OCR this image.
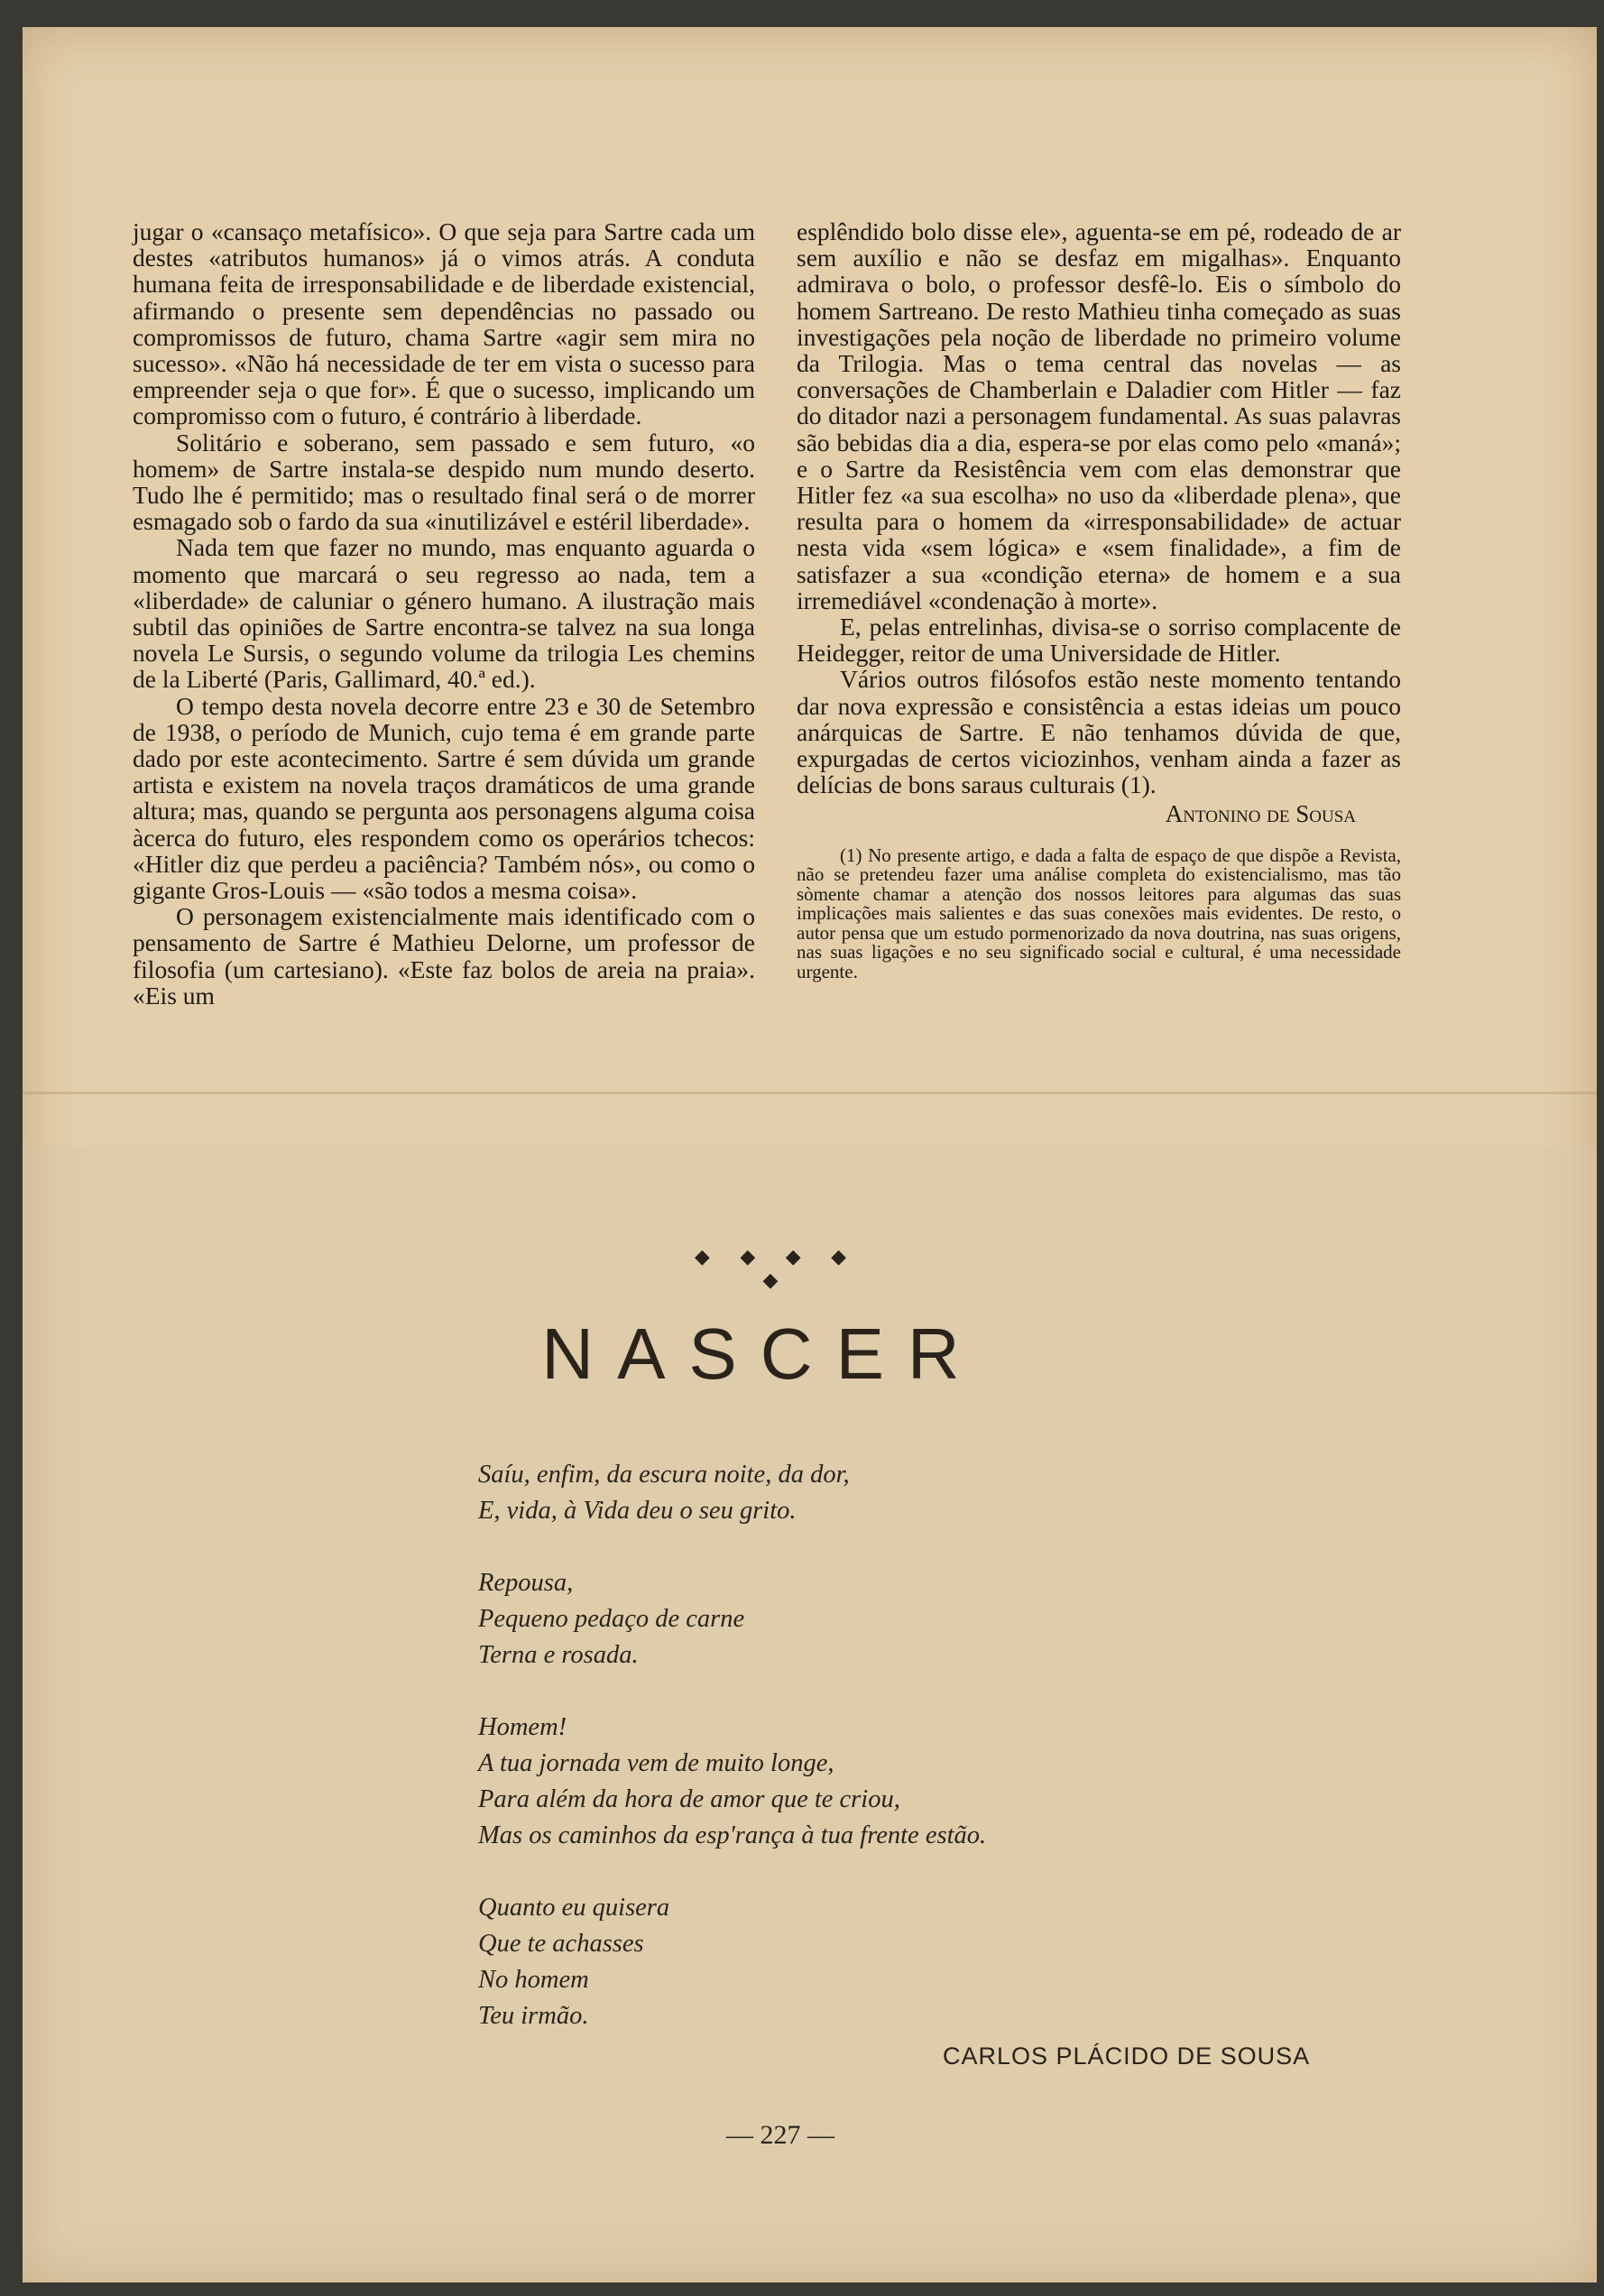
jugar o «cansaço metafísico». O que seja para Sartre cada um destes «atributos humanos» já o vimos atrás. A conduta humana feita de irresponsabilidade e de liberdade existencial, afirmando o presente sem dependências no passado ou compromissos de futuro, chama Sartre «agir sem mira no sucesso». «Não há necessidade de ter em vista o sucesso para empreender seja o que for». É que o sucesso, implicando um compromisso com o futuro, é contrário à liberdade.

Solitário e soberano, sem passado e sem futuro, «o homem» de Sartre instala-se despido num mundo deserto. Tudo lhe é permitido; mas o resultado final será o de morrer esmagado sob o fardo da sua «inutilizável e estéril liberdade».

Nada tem que fazer no mundo, mas enquanto aguarda o momento que marcará o seu regresso ao nada, tem a «liberdade» de caluniar o género humano. A ilustração mais subtil das opiniões de Sartre encontra-se talvez na sua longa novela Le Sursis, o segundo volume da trilogia Les chemins de la Liberté (Paris, Gallimard, 40.ª ed.).

O tempo desta novela decorre entre 23 e 30 de Setembro de 1938, o período de Munich, cujo tema é em grande parte dado por este acontecimento. Sartre é sem dúvida um grande artista e existem na novela traços dramáticos de uma grande altura; mas, quando se pergunta aos personagens alguma coisa àcerca do futuro, eles respondem como os operários tchecos: «Hitler diz que perdeu a paciência? Também nós», ou como o gigante Gros-Louis — «são todos a mesma coisa».

O personagem existencialmente mais identificado com o pensamento de Sartre é Mathieu Delorne, um professor de filosofia (um cartesiano). «Este faz bolos de areia na praia». «Eis um

esplêndido bolo disse ele», aguenta-se em pé, rodeado de ar sem auxílio e não se desfaz em migalhas». Enquanto admirava o bolo, o professor desfê-lo. Eis o símbolo do homem Sartreano. De resto Mathieu tinha começado as suas investigações pela noção de liberdade no primeiro volume da Trilogia. Mas o tema central das novelas — as conversações de Chamberlain e Daladier com Hitler — faz do ditador nazi a personagem fundamental. As suas palavras são bebidas dia a dia, espera-se por elas como pelo «maná»; e o Sartre da Resistência vem com elas demonstrar que Hitler fez «a sua escolha» no uso da «liberdade plena», que resulta para o homem da «irresponsabilidade» de actuar nesta vida «sem lógica» e «sem finalidade», a fim de satisfazer a sua «condição eterna» de homem e a sua irremediável «condenação à morte».

E, pelas entrelinhas, divisa-se o sorriso complacente de Heidegger, reitor de uma Universidade de Hitler.

Vários outros filósofos estão neste momento tentando dar nova expressão e consistência a estas ideias um pouco anárquicas de Sartre. E não tenhamos dúvida de que, expurgadas de certos viciozinhos, venham ainda a fazer as delícias de bons saraus culturais (1).

Antonino de Sousa

(1) No presente artigo, e dada a falta de espaço de que dispõe a Revista, não se pretendeu fazer uma análise completa do existencialismo, mas tão sòmente chamar a atenção dos nossos leitores para algumas das suas implicações mais salientes e das suas conexões mais evidentes. De resto, o autor pensa que um estudo pormenorizado da nova doutrina, nas suas origens, nas suas ligações e no seu significado social e cultural, é uma necessidade urgente.

◆ ◆ ◆ ◆ ◆
NASCER
Saíu, enfim, da escura noite, da dor,
E, vida, à Vida deu o seu grito.
Repousa,
Pequeno pedaço de carne
Terna e rosada.
Homem!
A tua jornada vem de muito longe,
Para além da hora de amor que te criou,
Mas os caminhos da esp'rança à tua frente estão.
Quanto eu quisera
Que te achasses
No homem
Teu irmão.
CARLOS PLÁCIDO DE SOUSA
— 227 —
